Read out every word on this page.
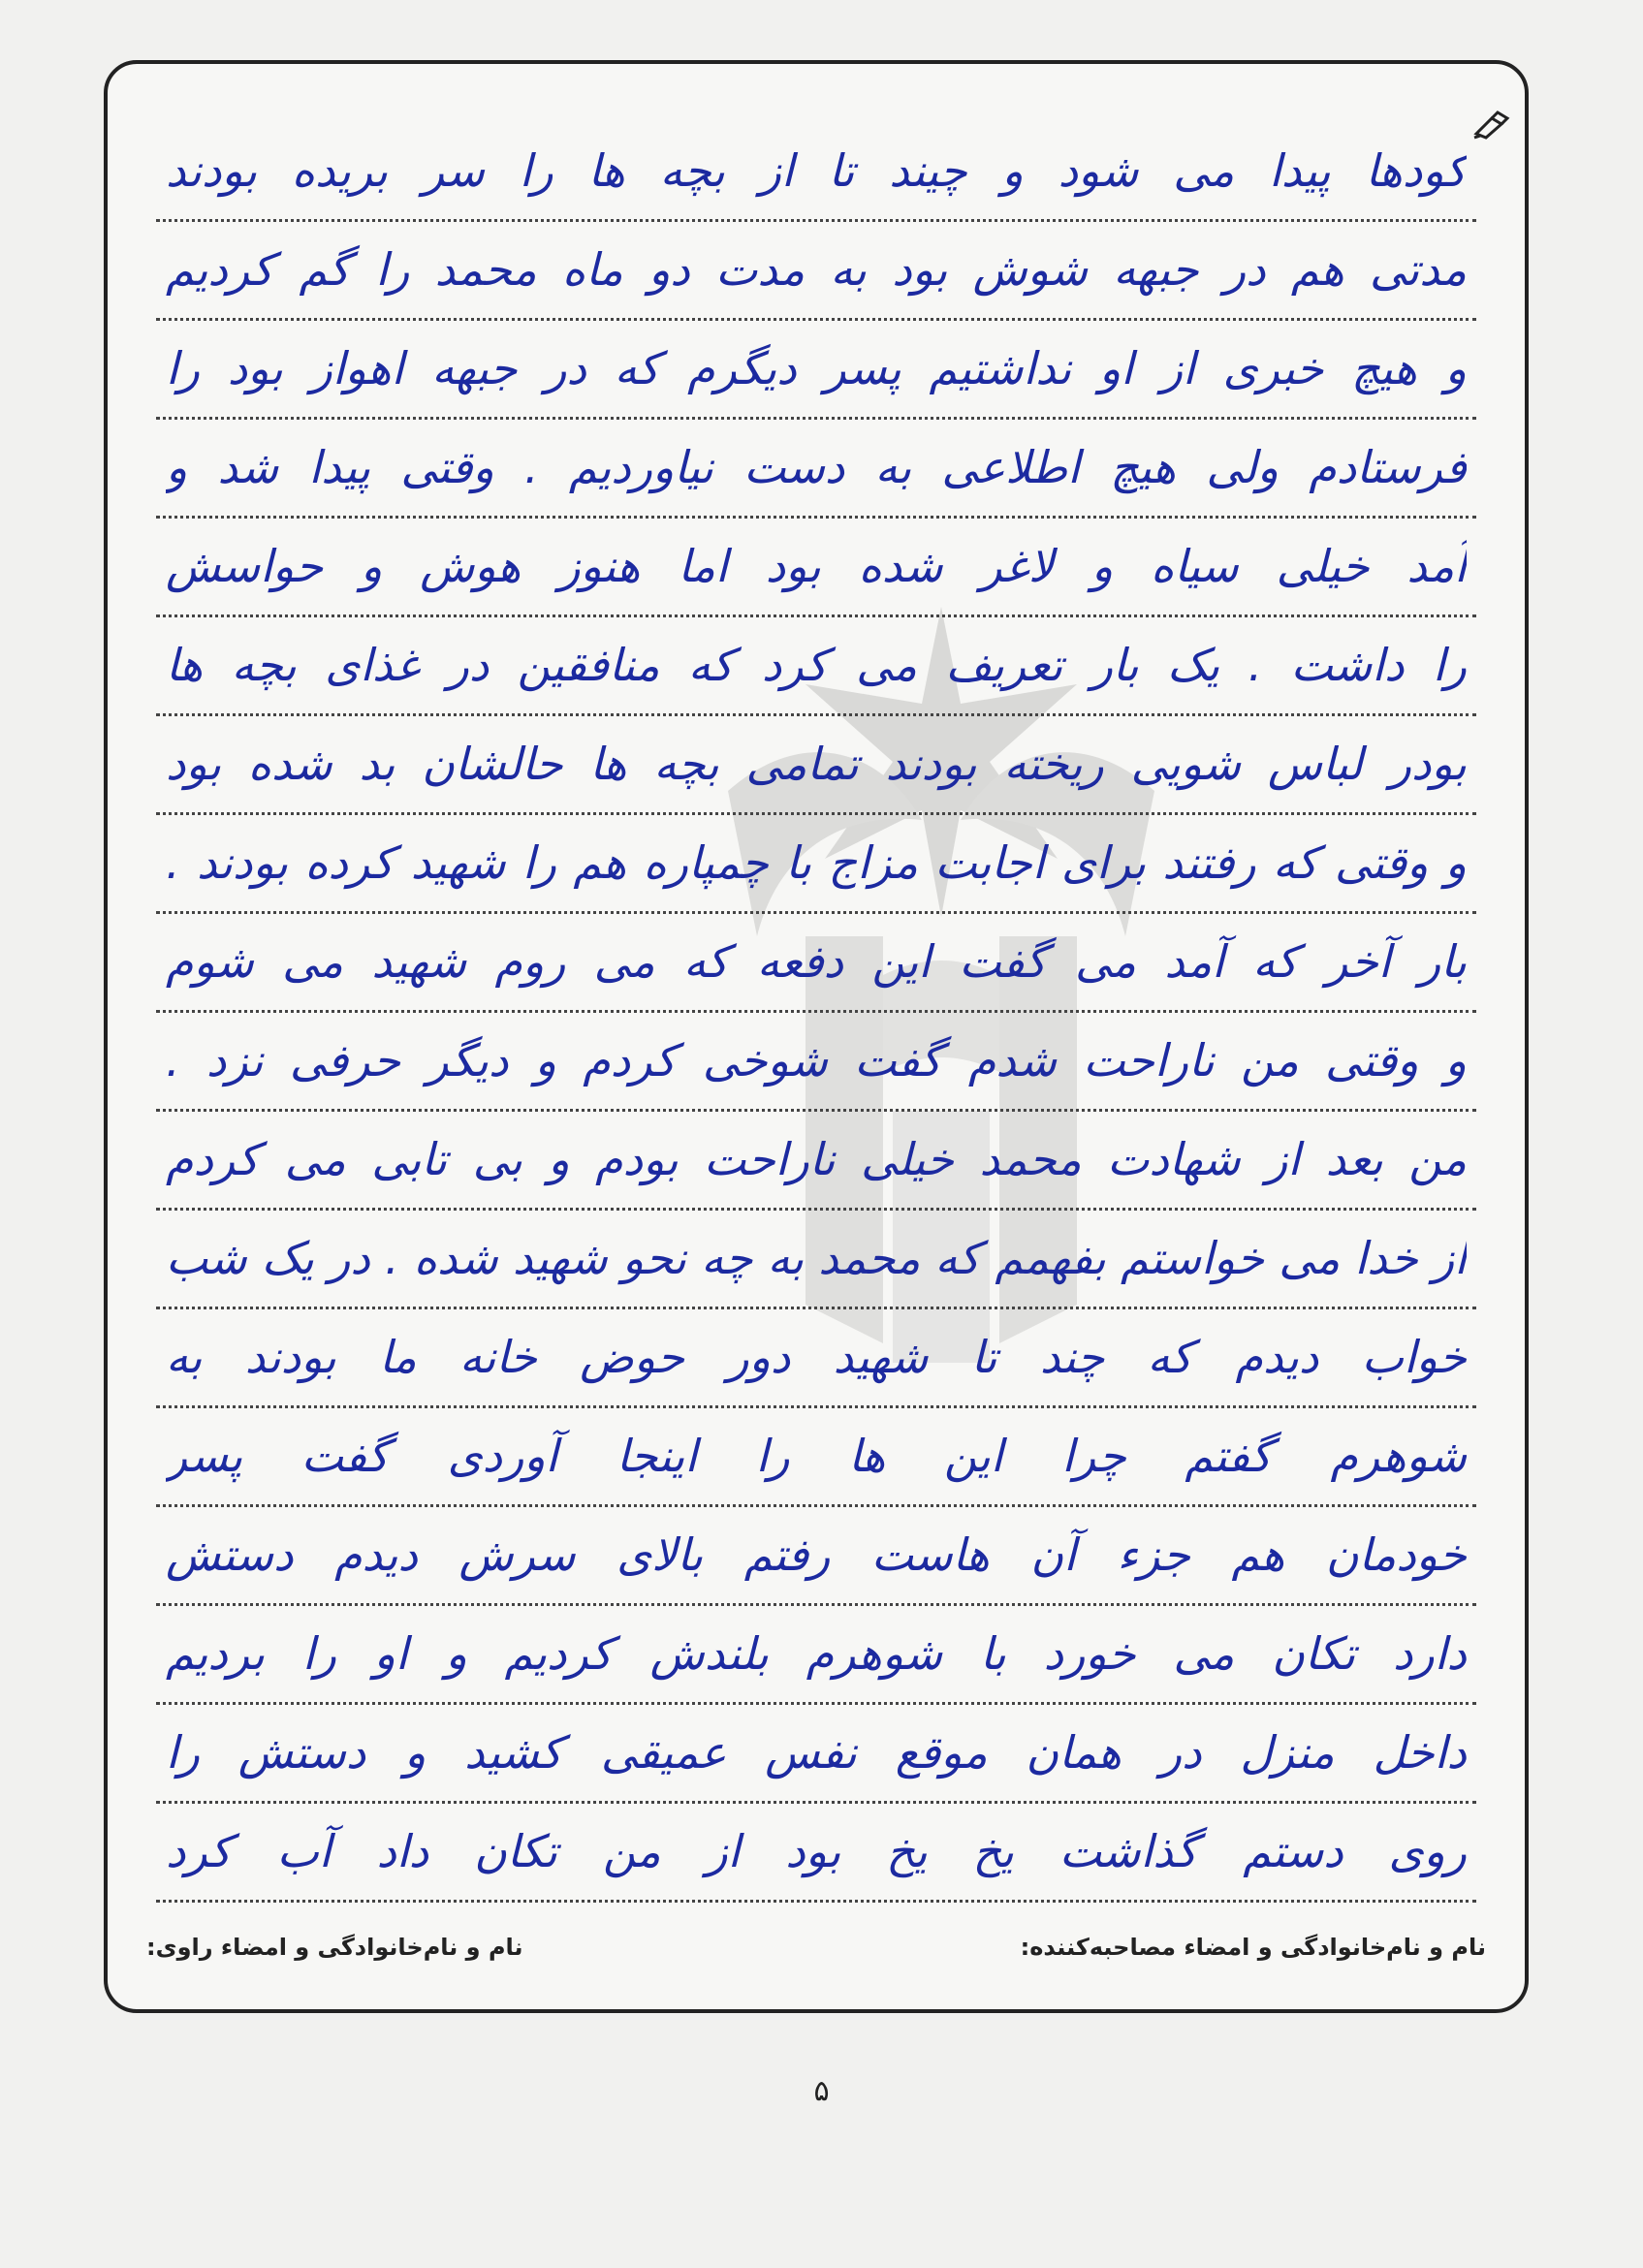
کودها پیدا می شود و چیند تا از بچه ها را سر بریده بودند
مدتی هم در جبهه شوش بود به مدت دو ماه محمد را گم کردیم
و هیچ خبری از او نداشتیم پسر دیگرم که در جبهه اهواز بود را
فرستادم ولی هیچ اطلاعی به دست نیاوردیم . وقتی پیدا شد و
آمد خیلی سیاه و لاغر شده بود اما هنوز هوش و حواسش
را داشت . یک بار تعریف می کرد که منافقین در غذای بچه ها
بودر لباس شویی ریخته بودند تمامی بچه ها حالشان بد شده بود
و وقتی که رفتند برای اجابت مزاج با چمپاره هم را شهید کرده بودند .
بار آخر که آمد می گفت این دفعه که می روم شهید می شوم
و وقتی من ناراحت شدم گفت شوخی کردم و دیگر حرفی نزد .
من بعد از شهادت محمد خیلی ناراحت بودم و بی تابی می کردم
از خدا می خواستم بفهمم که محمد به چه نحو شهید شده . در یک شب
خواب دیدم که چند تا شهید دور حوض خانه ما بودند به
شوهرم گفتم چرا این ها را اینجا آوردی گفت پسر
خودمان هم جزء آن هاست رفتم بالای سرش دیدم دستش
دارد تکان می خورد با شوهرم بلندش کردیم و او را بردیم
داخل منزل در همان موقع نفس عمیقی کشید و دستش را
روی دستم گذاشت یخ یخ بود از من تکان داد آب کرد
نام و نام‌خانوادگی و امضاء مصاحبه‌کننده:
نام و نام‌خانوادگی و امضاء راوی:
۵
